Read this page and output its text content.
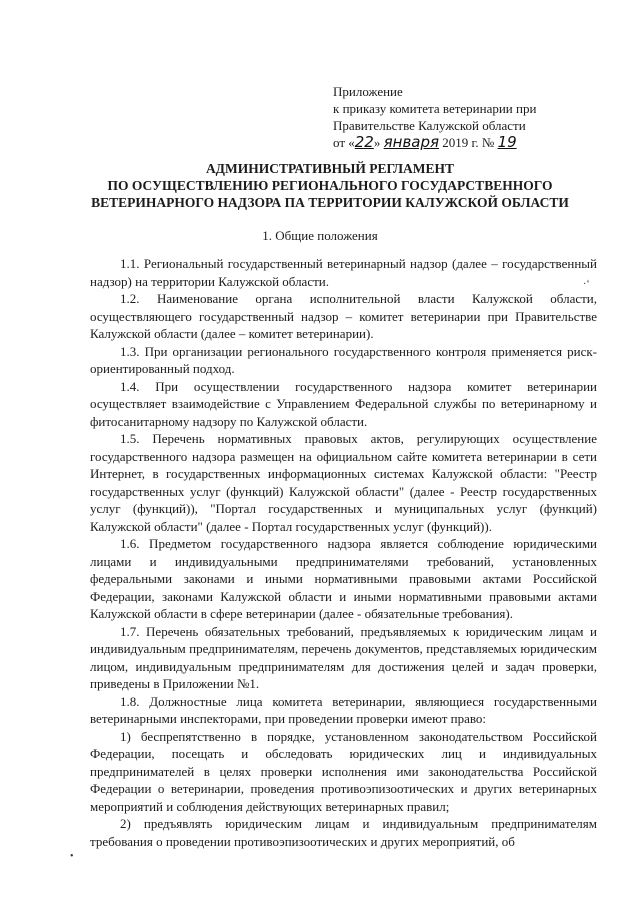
Приложение
к приказу комитета ветеринарии при
Правительстве Калужской области
от «22» января 2019 г. № 19
АДМИНИСТРАТИВНЫЙ РЕГЛАМЕНТ
ПО ОСУЩЕСТВЛЕНИЮ РЕГИОНАЛЬНОГО ГОСУДАРСТВЕННОГО
ВЕТЕРИНАРНОГО НАДЗОРА ПА ТЕРРИТОРИИ КАЛУЖСКОЙ ОБЛАСТИ
1. Общие положения

1.1. Региональный государственный ветеринарный надзор (далее – государственный надзор) на территории Калужской области.

1.2. Наименование органа исполнительной власти Калужской области, осуществляющего государственный надзор – комитет ветеринарии при Правительстве Калужской области (далее – комитет ветеринарии).

1.3. При организации регионального государственного контроля применяется риск-ориентированный подход.

1.4. При осуществлении государственного надзора комитет ветеринарии осуществляет взаимодействие с Управлением Федеральной службы по ветеринарному и фитосанитарному надзору по Калужской области.

1.5. Перечень нормативных правовых актов, регулирующих осуществление государственного надзора размещен на официальном сайте комитета ветеринарии в сети Интернет, в государственных информационных системах Калужской области: "Реестр государственных услуг (функций) Калужской области" (далее - Реестр государственных услуг (функций)), "Портал государственных и муниципальных услуг (функций) Калужской области" (далее - Портал государственных услуг (функций)).

1.6. Предметом государственного надзора является соблюдение юридическими лицами и индивидуальными предпринимателями требований, установленных федеральными законами и иными нормативными правовыми актами Российской Федерации, законами Калужской области и иными нормативными правовыми актами Калужской области в сфере ветеринарии (далее - обязательные требования).

1.7. Перечень обязательных требований, предъявляемых к юридическим лицам и индивидуальным предпринимателям, перечень документов, представляемых юридическим лицом, индивидуальным предпринимателям для достижения целей и задач проверки, приведены в Приложении №1.

1.8. Должностные лица комитета ветеринарии, являющиеся государственными ветеринарными инспекторами, при проведении проверки имеют право:

1) беспрепятственно в порядке, установленном законодательством Российской Федерации, посещать и обследовать юридических лиц и индивидуальных предпринимателей в целях проверки исполнения ими законодательства Российской Федерации о ветеринарии, проведения противоэпизоотических и других ветеринарных мероприятий и соблюдения действующих ветеринарных правил;

2) предъявлять юридическим лицам и индивидуальным предпринимателям требования о проведении противоэпизоотических и других мероприятий, об

·‘
•
